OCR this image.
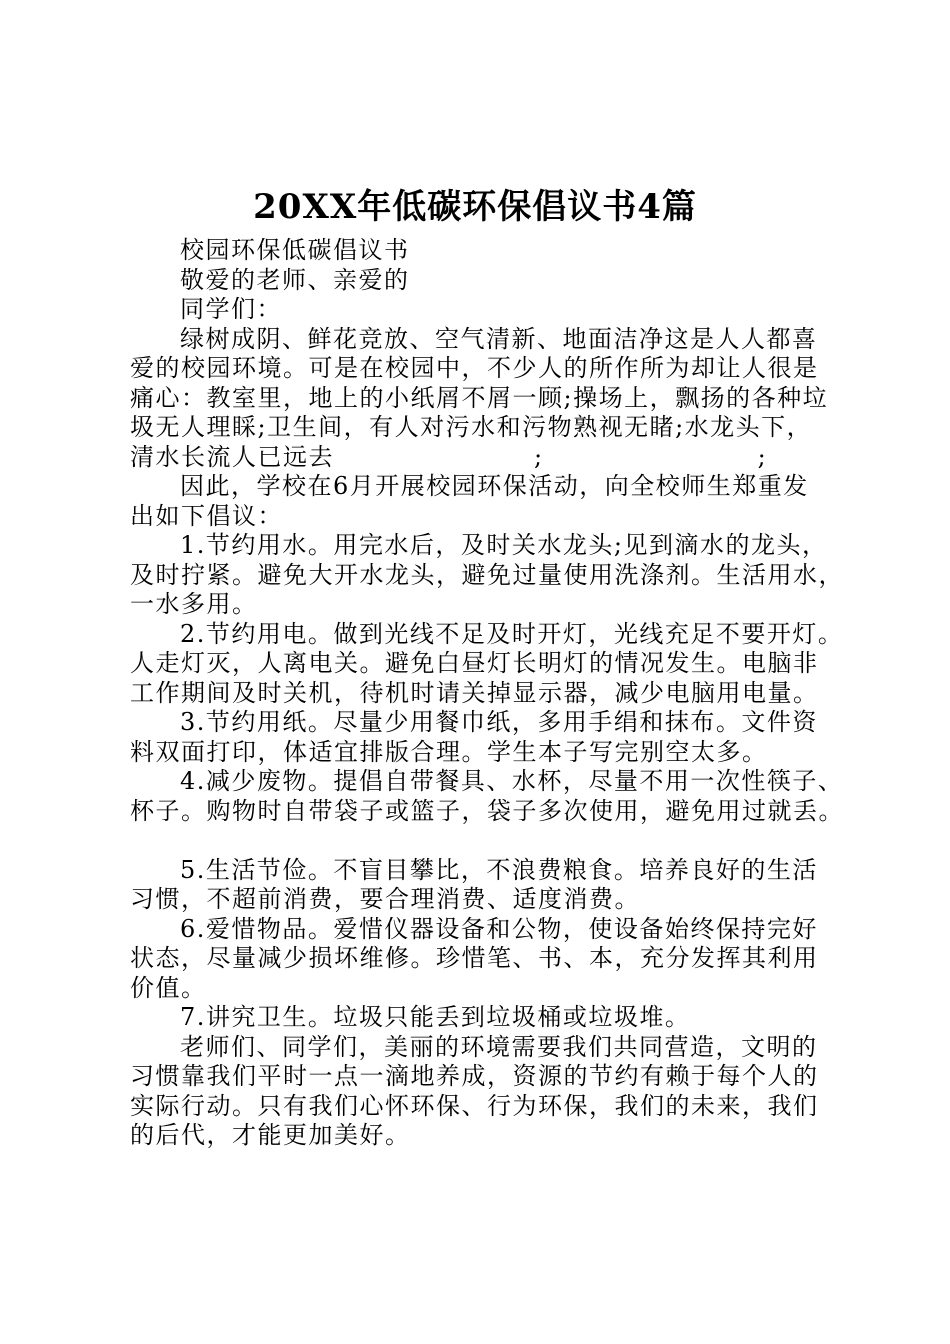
20XX年低碳环保倡议书4篇
校园环保低碳倡议书
敬爱的老师、亲爱的
同学们：
绿树成阴、鲜花竞放、空气清新、地面洁净这是人人都喜
爱的校园环境。可是在校园中，不少人的所作所为却让人很是
痛心：教室里，地上的小纸屑不屑一顾;操场上，飘扬的各种垃
圾无人理睬;卫生间，有人对污水和污物熟视无睹;水龙头下，
清水长流人已远去	;	;
因此，学校在6月开展校园环保活动，向全校师生郑重发
出如下倡议：
1.节约用水。用完水后，及时关水龙头;见到滴水的龙头，
及时拧紧。避免大开水龙头，避免过量使用洗涤剂。生活用水，
一水多用。
2.节约用电。做到光线不足及时开灯，光线充足不要开灯。
人走灯灭，人离电关。避免白昼灯长明灯的情况发生。电脑非
工作期间及时关机，待机时请关掉显示器，减少电脑用电量。
3.节约用纸。尽量少用餐巾纸，多用手绢和抹布。文件资
料双面打印，体适宜排版合理。学生本子写完别空太多。
4.减少废物。提倡自带餐具、水杯，尽量不用一次性筷子、
杯子。购物时自带袋子或篮子，袋子多次使用，避免用过就丢。
5.生活节俭。不盲目攀比，不浪费粮食。培养良好的生活
习惯，不超前消费，要合理消费、适度消费。
6.爱惜物品。爱惜仪器设备和公物，使设备始终保持完好
状态，尽量减少损坏维修。珍惜笔、书、本，充分发挥其利用
价值。
7.讲究卫生。垃圾只能丢到垃圾桶或垃圾堆。
老师们、同学们，美丽的环境需要我们共同营造，文明的
习惯靠我们平时一点一滴地养成，资源的节约有赖于每个人的
实际行动。只有我们心怀环保、行为环保，我们的未来，我们
的后代，才能更加美好。
